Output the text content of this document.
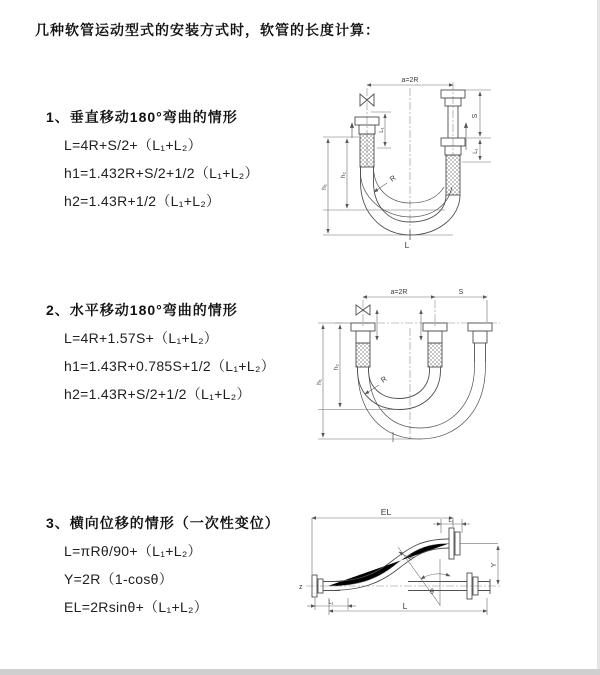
几种软管运动型式的安装方式时，软管的长度计算：
1、垂直移动180°弯曲的情形
L=4R+S/2+（L₁+L₂）
h1=1.432R+S/2+1/2（L₁+L₂）
h2=1.43R+1/2（L₁+L₂）
2、水平移动180°弯曲的情形
L=4R+1.57S+（L₁+L₂）
h1=1.43R+0.785S+1/2（L₁+L₂）
h2=1.43R+S/2+1/2（L₁+L₂）
3、横向位移的情形（一次性变位）
L=πRθ/90+（L₁+L₂）
Y=2R（1-cosθ）
EL=2Rsinθ+（L₁+L₂）
a=2R
L₁
S
L₁
h₂
h₁
R
L
a=2R	S
h₂
h₁	R
z
EL
L₁
Y
R
θ
L₁	L
